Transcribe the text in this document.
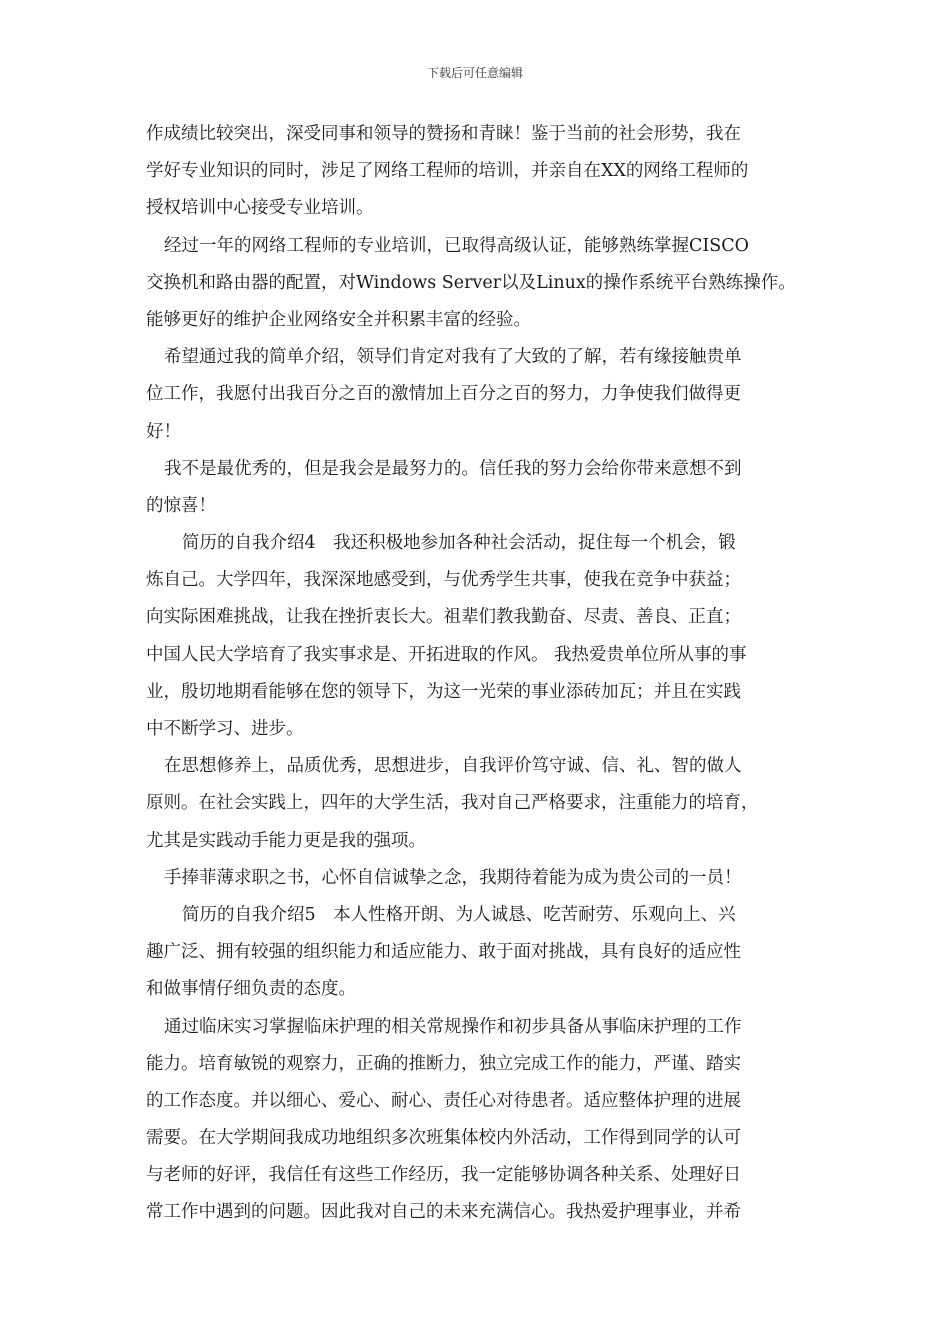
下载后可任意编辑
作成绩比较突出，深受同事和领导的赞扬和青睐！鉴于当前的社会形势，我在
学好专业知识的同时，涉足了网络工程师的培训，并亲自在XX的网络工程师的
授权培训中心接受专业培训。
经过一年的网络工程师的专业培训，已取得高级认证，能够熟练掌握CISCO
交换机和路由器的配置，对Windows Server以及Linux的操作系统平台熟练操作。
能够更好的维护企业网络安全并积累丰富的经验。
希望通过我的简单介绍，领导们肯定对我有了大致的了解，若有缘接触贵单
位工作，我愿付出我百分之百的激情加上百分之百的努力，力争使我们做得更
好！
我不是最优秀的，但是我会是最努力的。信任我的努力会给你带来意想不到
的惊喜！
简历的自我介绍4　我还积极地参加各种社会活动，捉住每一个机会，锻
炼自己。大学四年，我深深地感受到，与优秀学生共事，使我在竞争中获益；
向实际困难挑战，让我在挫折衷长大。祖辈们教我勤奋、尽责、善良、正直；
中国人民大学培育了我实事求是、开拓进取的作风。 我热爱贵单位所从事的事
业，殷切地期看能够在您的领导下，为这一光荣的事业添砖加瓦；并且在实践
中不断学习、进步。
在思想修养上，品质优秀，思想进步，自我评价笃守诚、信、礼、智的做人
原则。在社会实践上，四年的大学生活，我对自己严格要求，注重能力的培育，
尤其是实践动手能力更是我的强项。
手捧菲薄求职之书，心怀自信诚挚之念，我期待着能为成为贵公司的一员！
简历的自我介绍5　本人性格开朗、为人诚恳、吃苦耐劳、乐观向上、兴
趣广泛、拥有较强的组织能力和适应能力、敢于面对挑战，具有良好的适应性
和做事情仔细负责的态度。
通过临床实习掌握临床护理的相关常规操作和初步具备从事临床护理的工作
能力。培育敏锐的观察力，正确的推断力，独立完成工作的能力，严谨、踏实
的工作态度。并以细心、爱心、耐心、责任心对待患者。适应整体护理的进展
需要。在大学期间我成功地组织多次班集体校内外活动，工作得到同学的认可
与老师的好评，我信任有这些工作经历，我一定能够协调各种关系、处理好日
常工作中遇到的问题。因此我对自己的未来充满信心。我热爱护理事业，并希
